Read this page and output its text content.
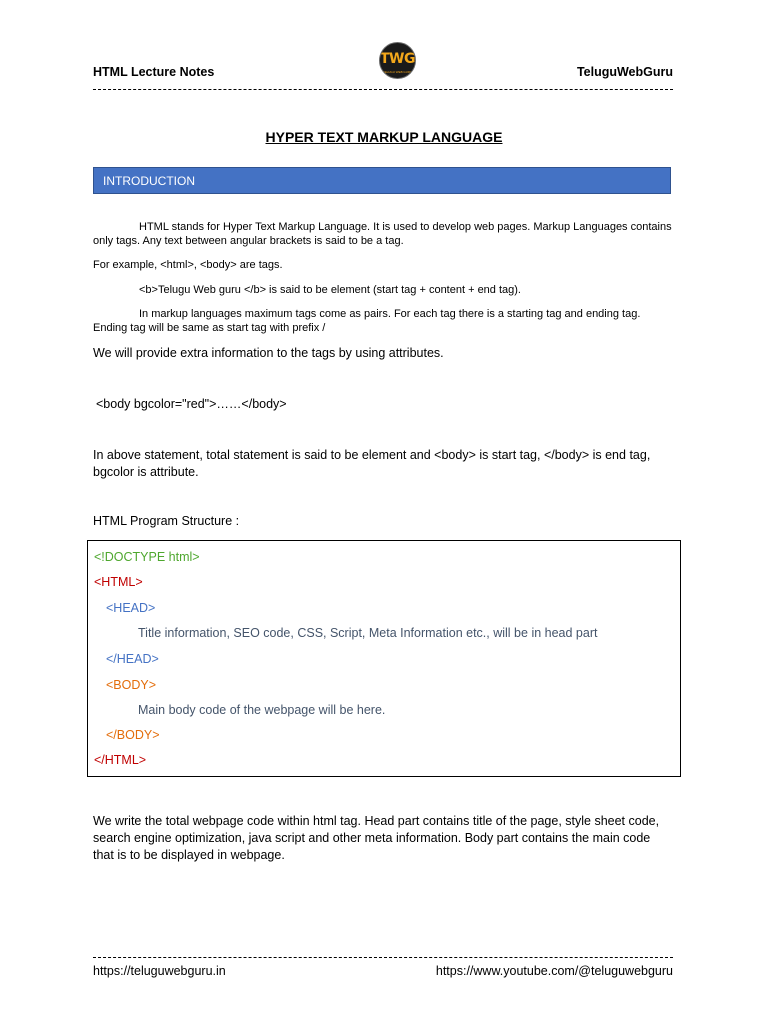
HTML Lecture Notes
TWG
TELUGU WEB GURU	TeluguWebGuru
HYPER TEXT MARKUP LANGUAGE
INTRODUCTION
HTML stands for Hyper Text Markup Language. It is used to develop web pages. Markup Languages contains only tags. Any text between angular brackets is said to be a tag.
For example, <html>, <body> are tags.
<b>Telugu Web guru </b> is said to be element (start tag + content + end tag).
In markup languages maximum tags come as pairs. For each tag there is a starting tag and ending tag. Ending tag will be same as start tag with prefix /
We will provide extra information to the tags by using attributes.
<body bgcolor="red">……</body>
In above statement, total statement is said to be element and <body> is start tag, </body> is end tag, bgcolor is attribute.
HTML Program Structure :
<!DOCTYPE html>
<HTML>
<HEAD>
Title information, SEO code, CSS, Script, Meta Information etc., will be in head part
</HEAD>
<BODY>
Main body code of the webpage will be here.
</BODY>
</HTML>
We write the total webpage code within html tag. Head part contains title of the page, style sheet code, search engine optimization, java script and other meta information. Body part contains the main code that is to be displayed in webpage.
https://teluguwebguru.in	https://www.youtube.com/@teluguwebguru
